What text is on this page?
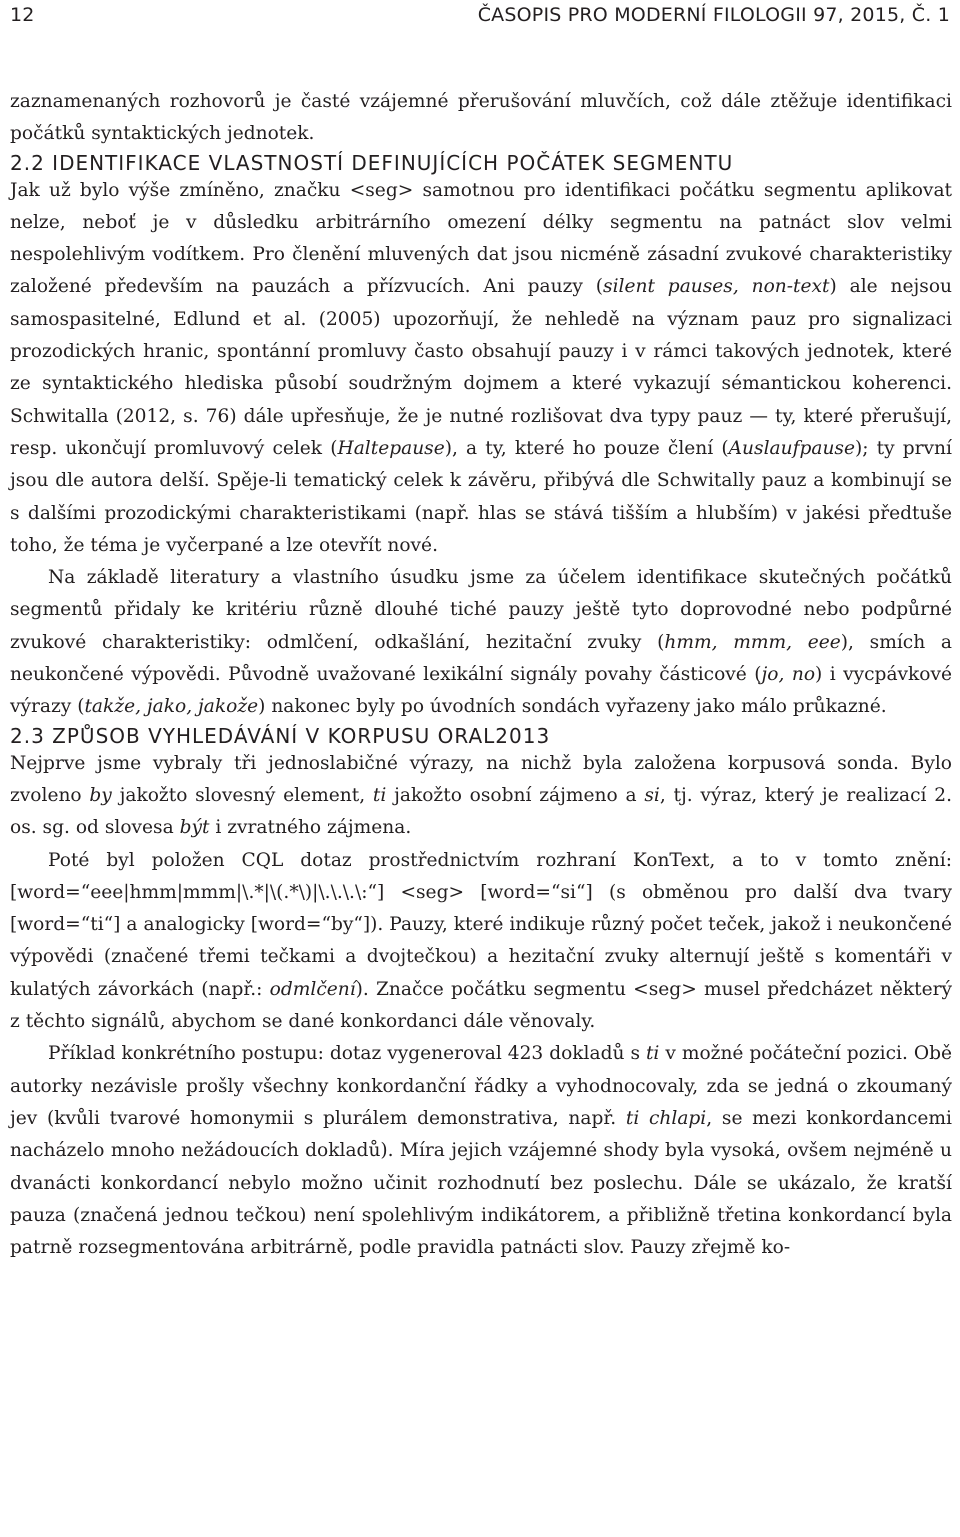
12	ČASOPIS PRO MODERNÍ FILOLOGII 97, 2015, Č. 1

zaznamenaných rozhovorů je časté vzájemné přerušování mluvčích, což dále ztěžuje identifikaci počátků syntaktických jednotek.

2.2 IDENTIFIKACE VLASTNOSTÍ DEFINUJÍCÍCH POČÁTEK SEGMENTU

Jak už bylo výše zmíněno, značku <seg> samotnou pro identifikaci počátku segmentu aplikovat nelze, neboť je v důsledku arbitrárního omezení délky segmentu na patnáct slov velmi nespolehlivým vodítkem. Pro členění mluvených dat jsou nicméně zásadní zvukové charakteristiky založené především na pauzách a přízvucích. Ani pauzy (silent pauses, non-text) ale nejsou samospasitelné, Edlund et al. (2005) upozorňují, že nehledě na význam pauz pro signalizaci prozodických hranic, spontánní promluvy často obsahují pauzy i v rámci takových jednotek, které ze syntaktického hlediska působí soudržným dojmem a které vykazují sémantickou koherenci. Schwitalla (2012, s. 76) dále upřesňuje, že je nutné rozlišovat dva typy pauz — ty, které přerušují, resp. ukončují promluvový celek (Haltepause), a ty, které ho pouze člení (Auslaufpause); ty první jsou dle autora delší. Spěje-li tematický celek k závěru, přibývá dle Schwitally pauz a kombinují se s dalšími prozodickými charakteristikami (např. hlas se stává tišším a hlubším) v jakési předtuše toho, že téma je vyčerpané a lze otevřít nové.

Na základě literatury a vlastního úsudku jsme za účelem identifikace skutečných počátků segmentů přidaly ke kritériu různě dlouhé tiché pauzy ještě tyto doprovodné nebo podpůrné zvukové charakteristiky: odmlčení, odkašlání, hezitační zvuky (hmm, mmm, eee), smích a neukončené výpovědi. Původně uvažované lexikální signály povahy částicové (jo, no) i vycpávkové výrazy (takže, jako, jakože) nakonec byly po úvodních sondách vyřazeny jako málo průkazné.

2.3 ZPŮSOB VYHLEDÁVÁNÍ V KORPUSU ORAL2013

Nejprve jsme vybraly tři jednoslabičné výrazy, na nichž byla založena korpusová sonda. Bylo zvoleno by jakožto slovesný element, ti jakožto osobní zájmeno a si, tj. výraz, který je realizací 2. os. sg. od slovesa být i zvratného zájmena.

Poté byl položen CQL dotaz prostřednictvím rozhraní KonText, a to v tomto znění: [word=“eee|hmm|mmm|\.*|\(.*\)|\.\.\.\:“] <seg> [word=“si“] (s obměnou pro další dva tvary [word=“ti“] a analogicky [word=“by“]). Pauzy, které indikuje různý počet teček, jakož i neukončené výpovědi (značené třemi tečkami a dvojtečkou) a hezitační zvuky alternují ještě s komentáři v kulatých závorkách (např.: odmlčení). Značce počátku segmentu <seg> musel předcházet některý z těchto signálů, abychom se dané konkordanci dále věnovaly.

Příklad konkrétního postupu: dotaz vygeneroval 423 dokladů s ti v možné počáteční pozici. Obě autorky nezávisle prošly všechny konkordanční řádky a vyhodnocovaly, zda se jedná o zkoumaný jev (kvůli tvarové homonymii s plurálem demonstrativa, např. ti chlapi, se mezi konkordancemi nacházelo mnoho nežádoucích dokladů). Míra jejich vzájemné shody byla vysoká, ovšem nejméně u dvanácti konkordancí nebylo možno učinit rozhodnutí bez poslechu. Dále se ukázalo, že kratší pauza (značená jednou tečkou) není spolehlivým indikátorem, a přibližně třetina konkordancí byla patrně rozsegmentována arbitrárně, podle pravidla patnácti slov. Pauzy zřejmě ko-
